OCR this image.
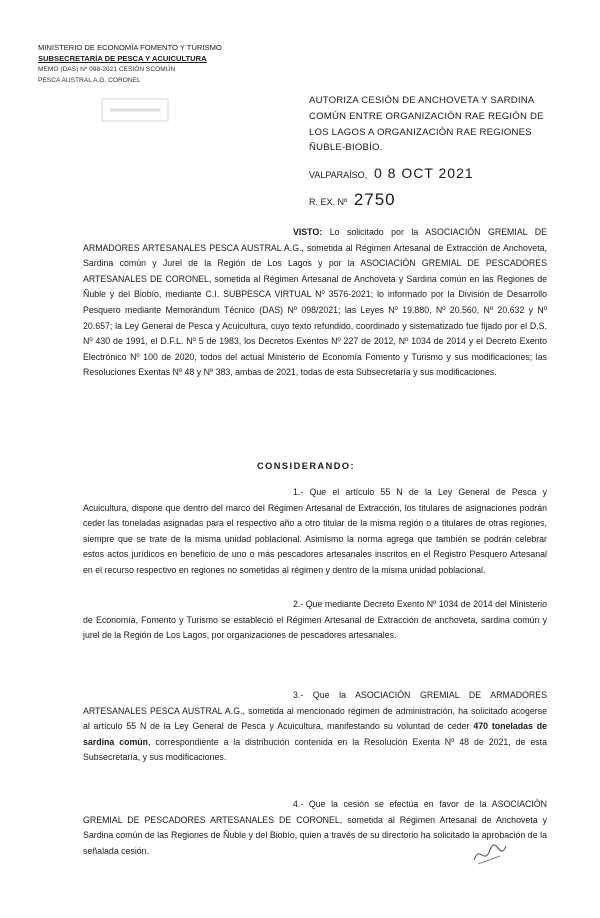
MINISTERIO DE ECONOMÍA FOMENTO Y TURISMO
SUBSECRETARÍA DE PESCA Y ACUICULTURA
MEMO (DAS) Nº 098-2021 CESIÓN SCOMÚN
PESCA AUSTRAL A.G. CORONEL
AUTORIZA CESIÓN DE ANCHOVETA Y SARDINA
COMÚN ENTRE ORGANIZACIÓN RAE REGIÓN DE
LOS LAGOS A ORGANIZACIÓN RAE REGIONES
ÑUBLE-BIOBÍO.
VALPARAÍSO, 0 8 OCT 2021
R. EX. Nº 2750
VISTO: Lo solicitado por la ASOCIACIÓN GREMIAL DE ARMADORES ARTESANALES PESCA AUSTRAL A.G., sometida al Régimen Artesanal de Extracción de Anchoveta, Sardina común y Jurel de la Región de Los Lagos y por la ASOCIACIÓN GREMIAL DE PESCADORES ARTESANALES DE CORONEL, sometida al Régimen Artesanal de Anchoveta y Sardina común en las Regiones de Ñuble y del Biobío, mediante C.I. SUBPESCA VIRTUAL Nº 3576-2021; lo informado por la División de Desarrollo Pesquero mediante Memorándum Técnico (DAS) Nº 098/2021; las Leyes Nº 19.880, Nº 20.560, Nº 20.632 y Nº 20.657; la Ley General de Pesca y Acuicultura, cuyo texto refundido, coordinado y sistematizado fue fijado por el D.S. Nº 430 de 1991, el D.F.L. Nº 5 de 1983, los Decretos Exentos Nº 227 de 2012, Nº 1034 de 2014 y el Decreto Exento Electrónico Nº 100 de 2020, todos del actual Ministerio de Economía Fomento y Turismo y sus modificaciones; las Resoluciones Exentas Nº 48 y Nº 383, ambas de 2021, todas de esta Subsecretaría y sus modificaciones.
CONSIDERANDO:
1.- Que el artículo 55 N de la Ley General de Pesca y Acuicultura, dispone que dentro del marco del Régimen Artesanal de Extracción, los titulares de asignaciones podrán ceder las toneladas asignadas para el respectivo año a otro titular de la misma región o a titulares de otras regiones, siempre que se trate de la misma unidad poblacional. Asimismo la norma agrega que también se podrán celebrar estos actos jurídicos en beneficio de uno o más pescadores artesanales inscritos en el Registro Pesquero Artesanal en el recurso respectivo en regiones no sometidas al régimen y dentro de la misma unidad poblacional.
2.- Que mediante Decreto Exento Nº 1034 de 2014 del Ministerio de Economía, Fomento y Turismo se estableció el Régimen Artesanal de Extracción de anchoveta, sardina común y jurel de la Región de Los Lagos, por organizaciones de pescadores artesanales.
3.- Que la ASOCIACIÓN GREMIAL DE ARMADORES ARTESANALES PESCA AUSTRAL A.G., sometida al mencionado régimen de administración, ha solicitado acogerse al artículo 55 N de la Ley General de Pesca y Acuicultura, manifestando su voluntad de ceder 470 toneladas de sardina común, correspondiente a la distribución contenida en la Resolución Exenta Nº 48 de 2021, de esta Subsecretaría, y sus modificaciones.
4.- Que la cesión se efectúa en favor de la ASOCIACIÓN GREMIAL DE PESCADORES ARTESANALES DE CORONEL, sometida al Régimen Artesanal de Anchoveta y Sardina común de las Regiones de Ñuble y del Biobío, quien a través de su directorio ha solicitado la aprobación de la señalada cesión.
